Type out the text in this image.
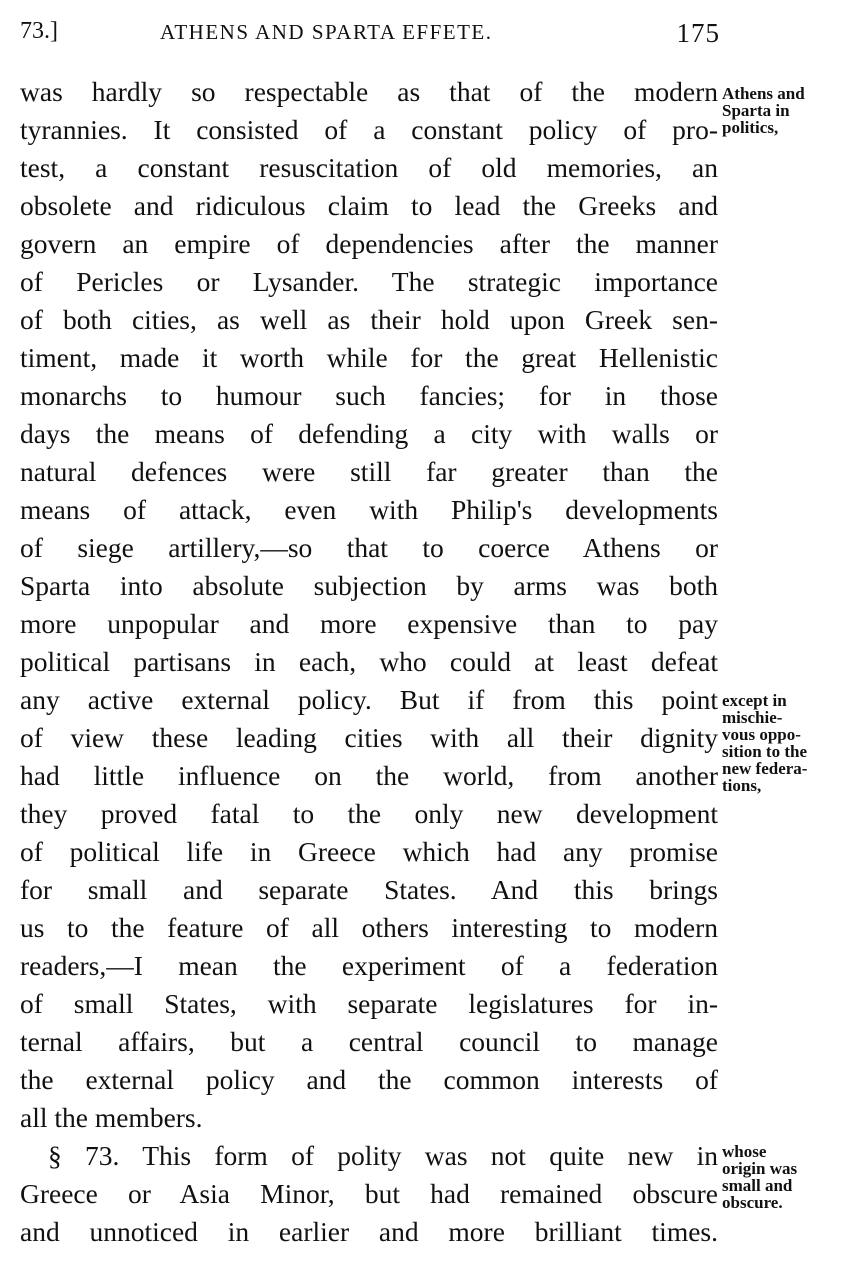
73.]	ATHENS AND SPARTA EFFETE.	175
was hardly so respectable as that of the modern
tyrannies. It consisted of a constant policy of pro-
test, a constant resuscitation of old memories, an
obsolete and ridiculous claim to lead the Greeks and
govern an empire of dependencies after the manner
of Pericles or Lysander. The strategic importance
of both cities, as well as their hold upon Greek sen-
timent, made it worth while for the great Hellenistic
monarchs to humour such fancies; for in those
days the means of defending a city with walls or
natural defences were still far greater than the
means of attack, even with Philip's developments
of siege artillery,—so that to coerce Athens or
Sparta into absolute subjection by arms was both
more unpopular and more expensive than to pay
political partisans in each, who could at least defeat
any active external policy. But if from this point
of view these leading cities with all their dignity
had little influence on the world, from another
they proved fatal to the only new development
of political life in Greece which had any promise
for small and separate States. And this brings
us to the feature of all others interesting to modern
readers,—I mean the experiment of a federation
of small States, with separate legislatures for in-
ternal affairs, but a central council to manage
the external policy and the common interests of
all the members.
§ 73. This form of polity was not quite new in
Greece or Asia Minor, but had remained obscure
and unnoticed in earlier and more brilliant times.
Athens and
Sparta in
politics,
except in
mischie-
vous oppo-
sition to the
new federa-
tions,
whose
origin was
small and
obscure.
